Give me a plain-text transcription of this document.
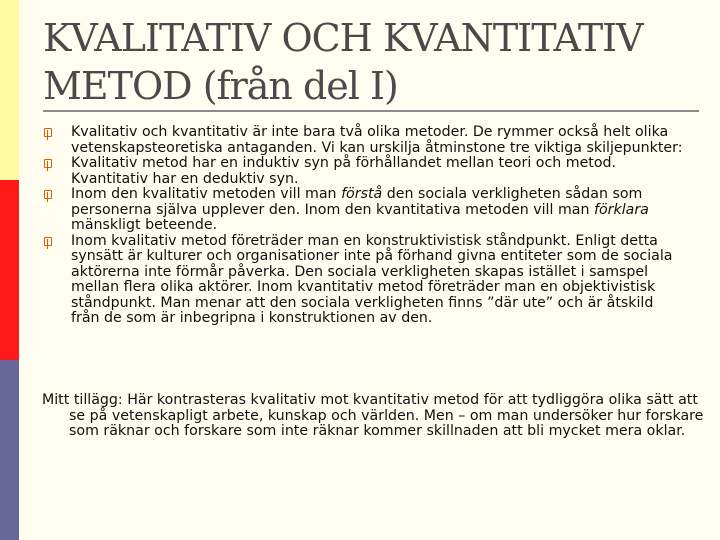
KVALITATIV OCH KVANTITATIV
METOD (från del I)
Kvalitativ och kvantitativ är inte bara två olika metoder. De rymmer också helt olika vetenskapsteoretiska antaganden. Vi kan urskilja åtminstone tre viktiga skiljepunkter:
Kvalitativ metod har en induktiv syn på förhållandet mellan teori och metod. Kvantitativ har en deduktiv syn.
Inom den kvalitativ metoden vill man förstå den sociala verkligheten sådan som personerna själva upplever den. Inom den kvantitativa metoden vill man förklara mänskligt beteende.
Inom kvalitativ metod företräder man en konstruktivistisk ståndpunkt. Enligt detta synsätt är kulturer och organisationer inte på förhand givna entiteter som de sociala aktörerna inte förmår påverka. Den sociala verkligheten skapas istället i samspel mellan flera olika aktörer. Inom kvantitativ metod företräder man en objektivistisk ståndpunkt. Man menar att den sociala verkligheten finns ”där ute” och är åtskild från de som är inbegripna i konstruktionen av den.

Mitt tillägg: Här kontrasteras kvalitativ mot kvantitativ metod för att tydliggöra olika sätt att se på vetenskapligt arbete, kunskap och världen. Men – om man undersöker hur forskare som räknar och forskare som inte räknar kommer skillnaden att bli mycket mera oklar.
